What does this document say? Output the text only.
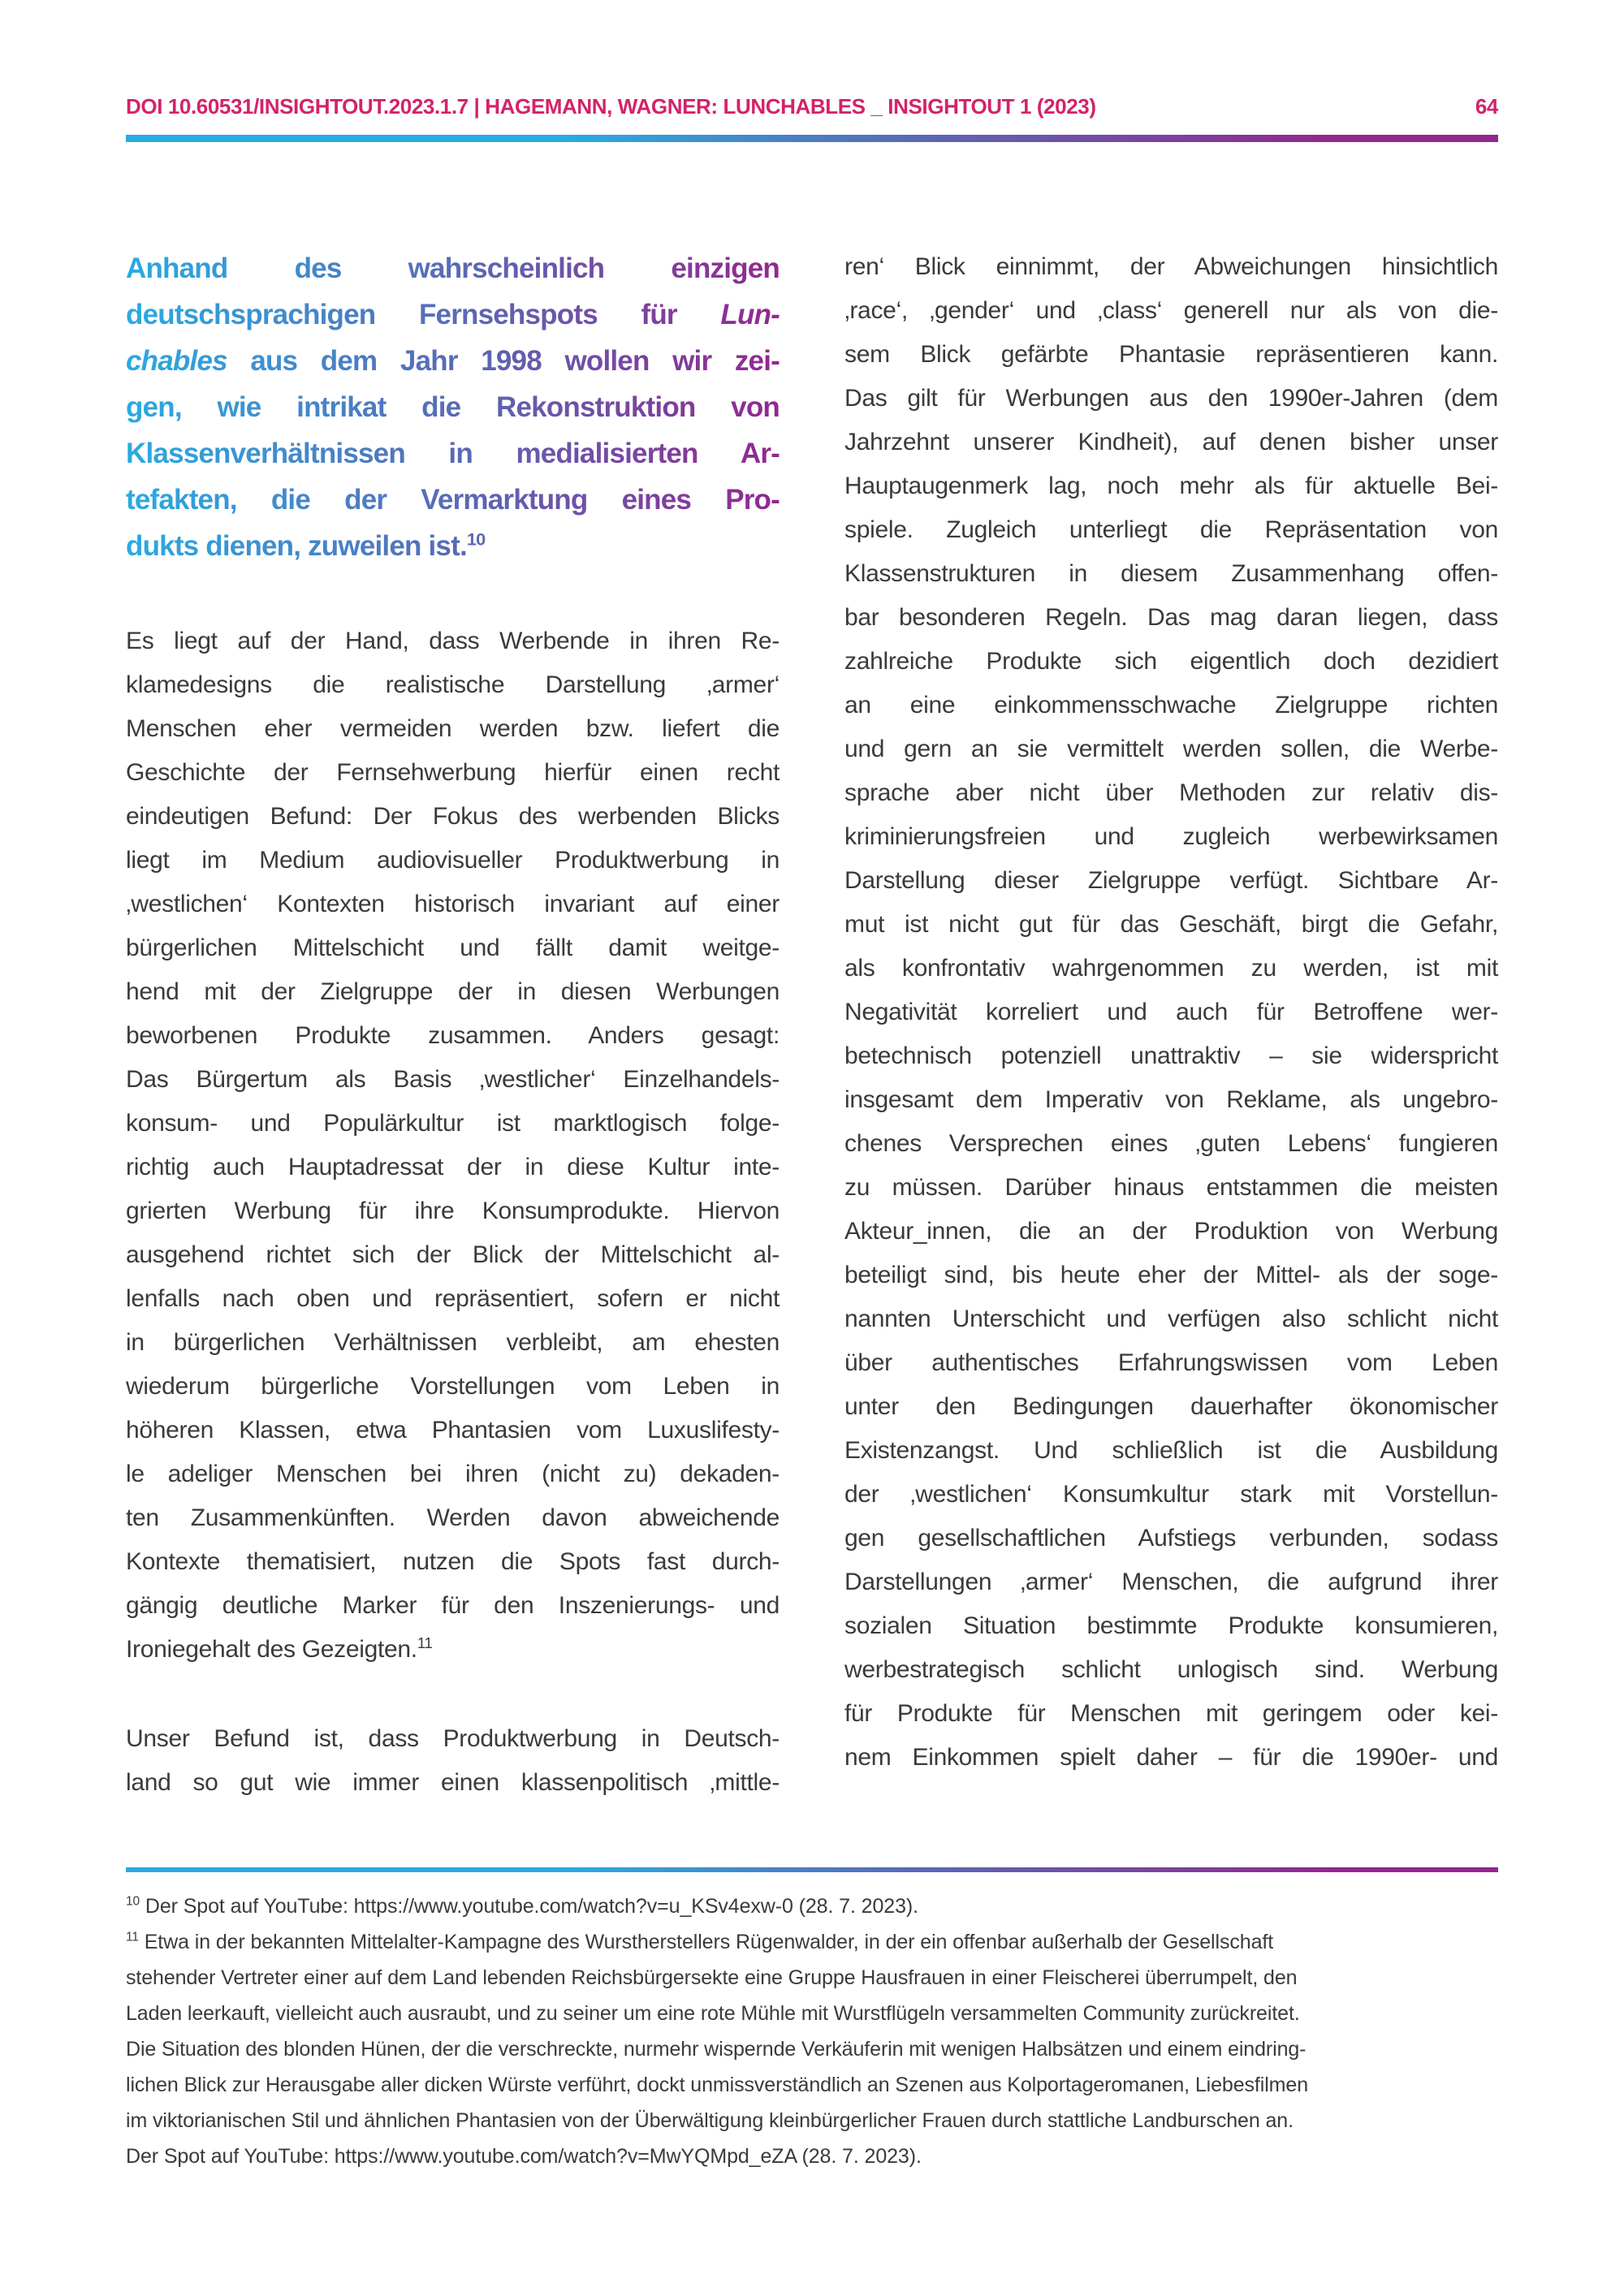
DOI 10.60531/INSIGHTOUT.2023.1.7 | HAGEMANN, WAGNER: LUNCHABLES _ INSIGHTOUT 1 (2023)	64
Anhand des wahrscheinlich einzigen
deutschsprachigen Fernsehspots für Lun-
chables aus dem Jahr 1998 wollen wir zei-
gen, wie intrikat die Rekonstruktion von
Klassenverhältnissen in medialisierten Ar-
tefakten, die der Vermarktung eines Pro-
dukts dienen, zuweilen ist.$^{10}$
Es liegt auf der Hand, dass Werbende in ihren Re-
klamedesigns die realistische Darstellung ‚armer‘
Menschen eher vermeiden werden bzw. liefert die
Geschichte der Fernsehwerbung hierfür einen recht
eindeutigen Befund: Der Fokus des werbenden Blicks
liegt im Medium audiovisueller Produktwerbung in
‚westlichen‘ Kontexten historisch invariant auf einer
bürgerlichen Mittelschicht und fällt damit weitge-
hend mit der Zielgruppe der in diesen Werbungen
beworbenen Produkte zusammen. Anders gesagt:
Das Bürgertum als Basis ‚westlicher‘ Einzelhandels-
konsum- und Populärkultur ist marktlogisch folge-
richtig auch Hauptadressat der in diese Kultur inte-
grierten Werbung für ihre Konsumprodukte. Hiervon
ausgehend richtet sich der Blick der Mittelschicht al-
lenfalls nach oben und repräsentiert, sofern er nicht
in bürgerlichen Verhältnissen verbleibt, am ehesten
wiederum bürgerliche Vorstellungen vom Leben in
höheren Klassen, etwa Phantasien vom Luxuslifesty-
le adeliger Menschen bei ihren (nicht zu) dekaden-
ten Zusammenkünften. Werden davon abweichende
Kontexte thematisiert, nutzen die Spots fast durch-
gängig deutliche Marker für den Inszenierungs- und
Ironiegehalt des Gezeigten.$^{11}$
Unser Befund ist, dass Produktwerbung in Deutsch-
land so gut wie immer einen klassenpolitisch ‚mittle-
ren‘ Blick einnimmt, der Abweichungen hinsichtlich
‚race‘, ‚gender‘ und ‚class‘ generell nur als von die-
sem Blick gefärbte Phantasie repräsentieren kann.
Das gilt für Werbungen aus den 1990er-Jahren (dem
Jahrzehnt unserer Kindheit), auf denen bisher unser
Hauptaugenmerk lag, noch mehr als für aktuelle Bei-
spiele. Zugleich unterliegt die Repräsentation von
Klassenstrukturen in diesem Zusammenhang offen-
bar besonderen Regeln. Das mag daran liegen, dass
zahlreiche Produkte sich eigentlich doch dezidiert
an eine einkommensschwache Zielgruppe richten
und gern an sie vermittelt werden sollen, die Werbe-
sprache aber nicht über Methoden zur relativ dis-
kriminierungsfreien und zugleich werbewirksamen
Darstellung dieser Zielgruppe verfügt. Sichtbare Ar-
mut ist nicht gut für das Geschäft, birgt die Gefahr,
als konfrontativ wahrgenommen zu werden, ist mit
Negativität korreliert und auch für Betroffene wer-
betechnisch potenziell unattraktiv – sie widerspricht
insgesamt dem Imperativ von Reklame, als ungebro-
chenes Versprechen eines ‚guten Lebens‘ fungieren
zu müssen. Darüber hinaus entstammen die meisten
Akteur_innen, die an der Produktion von Werbung
beteiligt sind, bis heute eher der Mittel- als der soge-
nannten Unterschicht und verfügen also schlicht nicht
über authentisches Erfahrungswissen vom Leben
unter den Bedingungen dauerhafter ökonomischer
Existenzangst. Und schließlich ist die Ausbildung
der ‚westlichen‘ Konsumkultur stark mit Vorstellun-
gen gesellschaftlichen Aufstiegs verbunden, sodass
Darstellungen ‚armer‘ Menschen, die aufgrund ihrer
sozialen Situation bestimmte Produkte konsumieren,
werbestrategisch schlicht unlogisch sind. Werbung
für Produkte für Menschen mit geringem oder kei-
nem Einkommen spielt daher – für die 1990er- und
$^{10}$ Der Spot auf YouTube: https://www.youtube.com/watch?v=u_KSv4exw-0 (28. 7. 2023).
$^{11}$ Etwa in der bekannten Mittelalter-Kampagne des Wurstherstellers Rügenwalder, in der ein offenbar außerhalb der Gesellschaft
stehender Vertreter einer auf dem Land lebenden Reichsbürgersekte eine Gruppe Hausfrauen in einer Fleischerei überrumpelt, den
Laden leerkauft, vielleicht auch ausraubt, und zu seiner um eine rote Mühle mit Wurstflügeln versammelten Community zurückreitet.
Die Situation des blonden Hünen, der die verschreckte, nurmehr wispernde Verkäuferin mit wenigen Halbsätzen und einem eindring-
lichen Blick zur Herausgabe aller dicken Würste verführt, dockt unmissverständlich an Szenen aus Kolportageromanen, Liebesfilmen
im viktorianischen Stil und ähnlichen Phantasien von der Überwältigung kleinbürgerlicher Frauen durch stattliche Landburschen an.
Der Spot auf YouTube: https://www.youtube.com/watch?v=MwYQMpd_eZA (28. 7. 2023).
